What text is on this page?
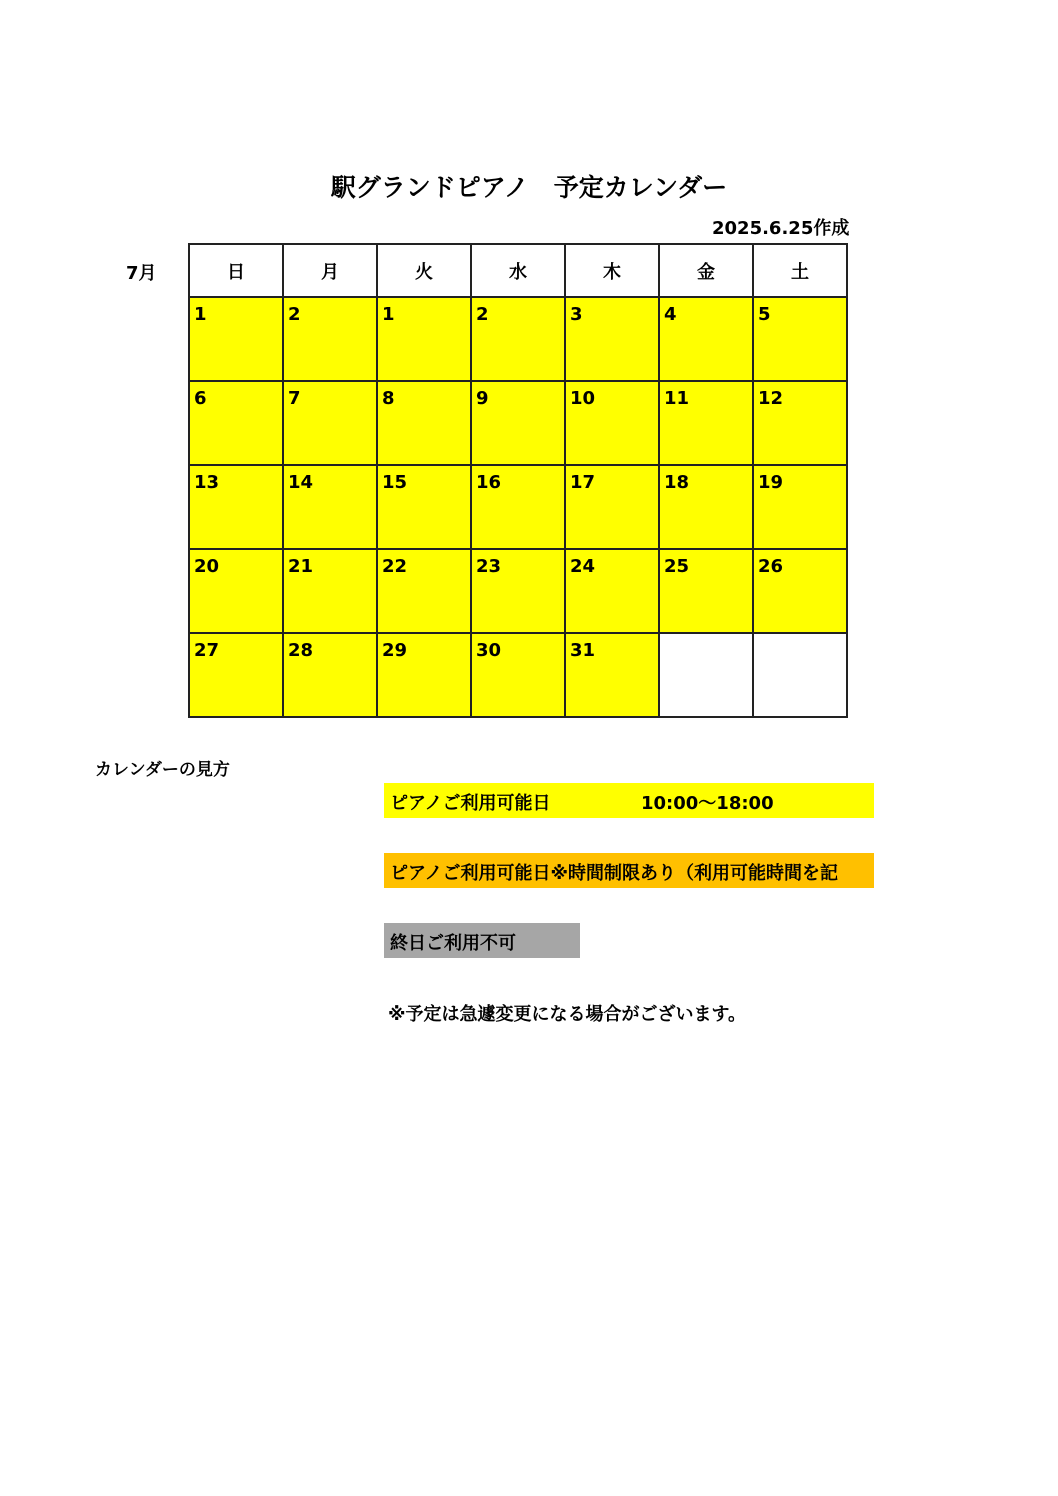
駅グランドピアノ　予定カレンダー
2025.6.25作成
7月	日	月	火	水	木	金	土
1	2	1	2	3	4	5
6	7	8	9	10	11	12
13	14	15	16	17	18	19
20	21	22	23	24	25	26
27	28	29	30	31		
カレンダーの見方
ピアノご利用可能日	10:00〜18:00
ピアノご利用可能日※時間制限あり（利用可能時間を記
終日ご利用不可
※予定は急遽変更になる場合がございます。
